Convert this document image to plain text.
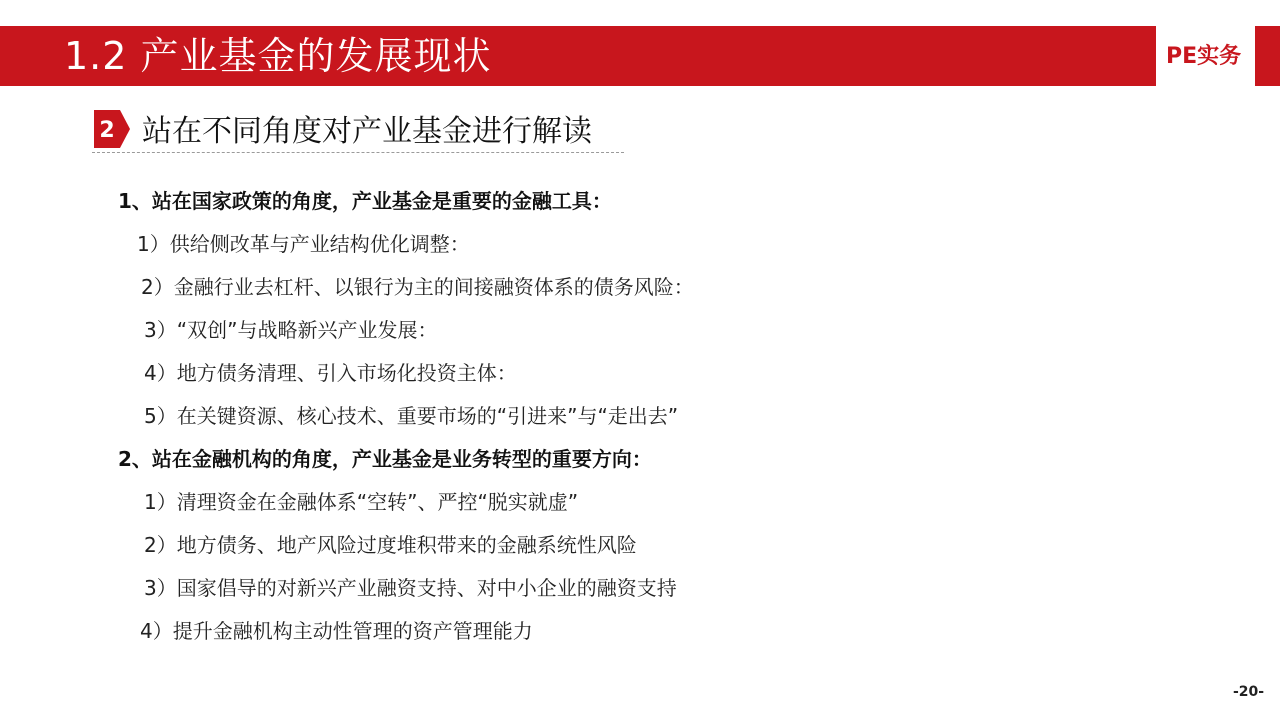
1.2 产业基金的发展现状	PE实务
2 站在不同角度对产业基金进行解读
1、站在国家政策的角度，产业基金是重要的金融工具：
1）供给侧改革与产业结构优化调整：
2）金融行业去杠杆、以银行为主的间接融资体系的债务风险：
3）“双创”与战略新兴产业发展：
4）地方债务清理、引入市场化投资主体：
5）在关键资源、核心技术、重要市场的“引进来”与“走出去”
2、站在金融机构的角度，产业基金是业务转型的重要方向：
1）清理资金在金融体系“空转”、严控“脱实就虚”
2）地方债务、地产风险过度堆积带来的金融系统性风险
3）国家倡导的对新兴产业融资支持、对中小企业的融资支持
4）提升金融机构主动性管理的资产管理能力
-20-
